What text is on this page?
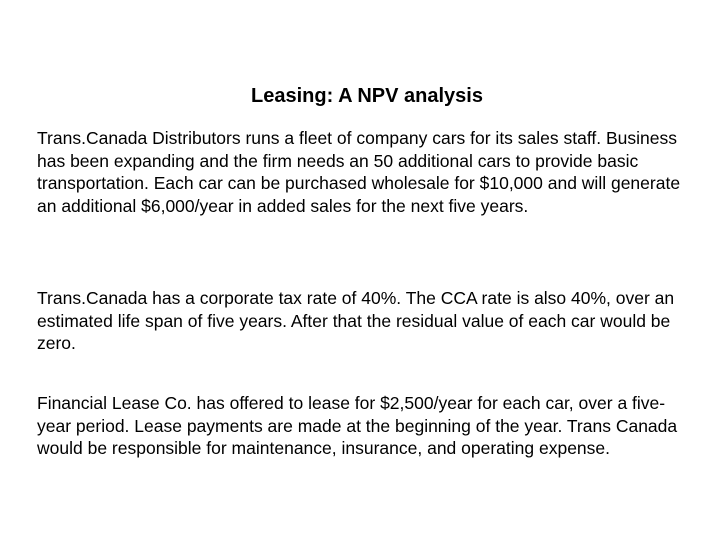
Leasing: A NPV analysis

Trans.Canada Distributors runs a fleet of company cars for its sales staff. Business has been expanding and the firm needs an 50 additional cars to provide basic transportation. Each car can be purchased wholesale for $10,000 and will generate an additional $6,000/year in added sales for the next five years.

Trans.Canada has a corporate tax rate of 40%. The CCA rate is also 40%, over an estimated life span of five years. After that the residual value of each car would be zero.

Financial Lease Co. has offered to lease for $2,500/year for each car, over a five-year period. Lease payments are made at the beginning of the year. Trans Canada would be responsible for maintenance, insurance, and operating expense.
